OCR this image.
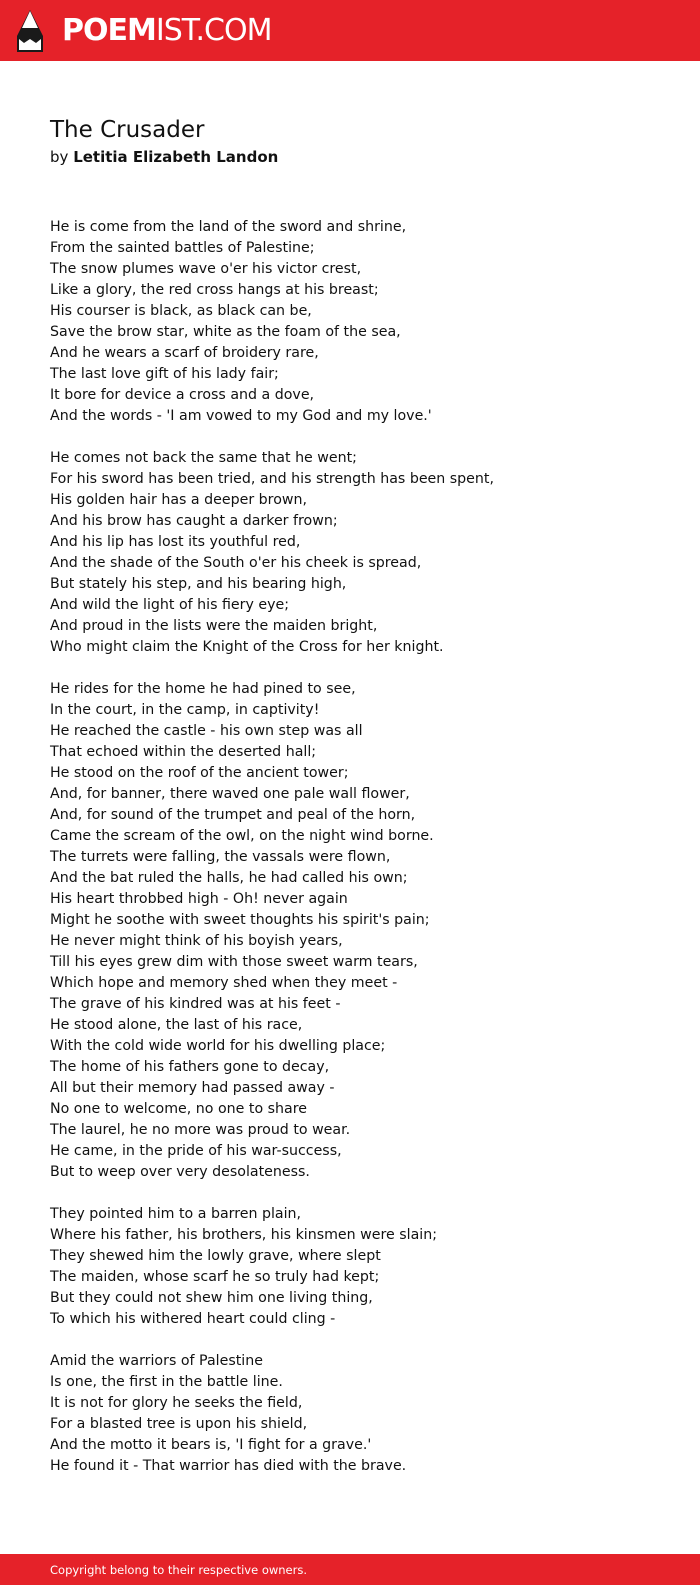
POEMIST.COM
The Crusader
by Letitia Elizabeth Landon
He is come from the land of the sword and shrine,
From the sainted battles of Palestine;
The snow plumes wave o'er his victor crest,
Like a glory, the red cross hangs at his breast;
His courser is black, as black can be,
Save the brow star, white as the foam of the sea,
And he wears a scarf of broidery rare,
The last love gift of his lady fair;
It bore for device a cross and a dove,
And the words - 'I am vowed to my God and my love.'
He comes not back the same that he went;
For his sword has been tried, and his strength has been spent,
His golden hair has a deeper brown,
And his brow has caught a darker frown;
And his lip has lost its youthful red,
And the shade of the South o'er his cheek is spread,
But stately his step, and his bearing high,
And wild the light of his fiery eye;
And proud in the lists were the maiden bright,
Who might claim the Knight of the Cross for her knight.
He rides for the home he had pined to see,
In the court, in the camp, in captivity!
He reached the castle - his own step was all
That echoed within the deserted hall;
He stood on the roof of the ancient tower;
And, for banner, there waved one pale wall flower,
And, for sound of the trumpet and peal of the horn,
Came the scream of the owl, on the night wind borne.
The turrets were falling, the vassals were flown,
And the bat ruled the halls, he had called his own;
His heart throbbed high - Oh! never again
Might he soothe with sweet thoughts his spirit's pain;
He never might think of his boyish years,
Till his eyes grew dim with those sweet warm tears,
Which hope and memory shed when they meet -
The grave of his kindred was at his feet -
He stood alone, the last of his race,
With the cold wide world for his dwelling place;
The home of his fathers gone to decay,
All but their memory had passed away -
No one to welcome, no one to share
The laurel, he no more was proud to wear.
He came, in the pride of his war-success,
But to weep over very desolateness.
They pointed him to a barren plain,
Where his father, his brothers, his kinsmen were slain;
They shewed him the lowly grave, where slept
The maiden, whose scarf he so truly had kept;
But they could not shew him one living thing,
To which his withered heart could cling -
Amid the warriors of Palestine
Is one, the first in the battle line.
It is not for glory he seeks the field,
For a blasted tree is upon his shield,
And the motto it bears is, 'I fight for a grave.'
He found it - That warrior has died with the brave.
Copyright belong to their respective owners.
